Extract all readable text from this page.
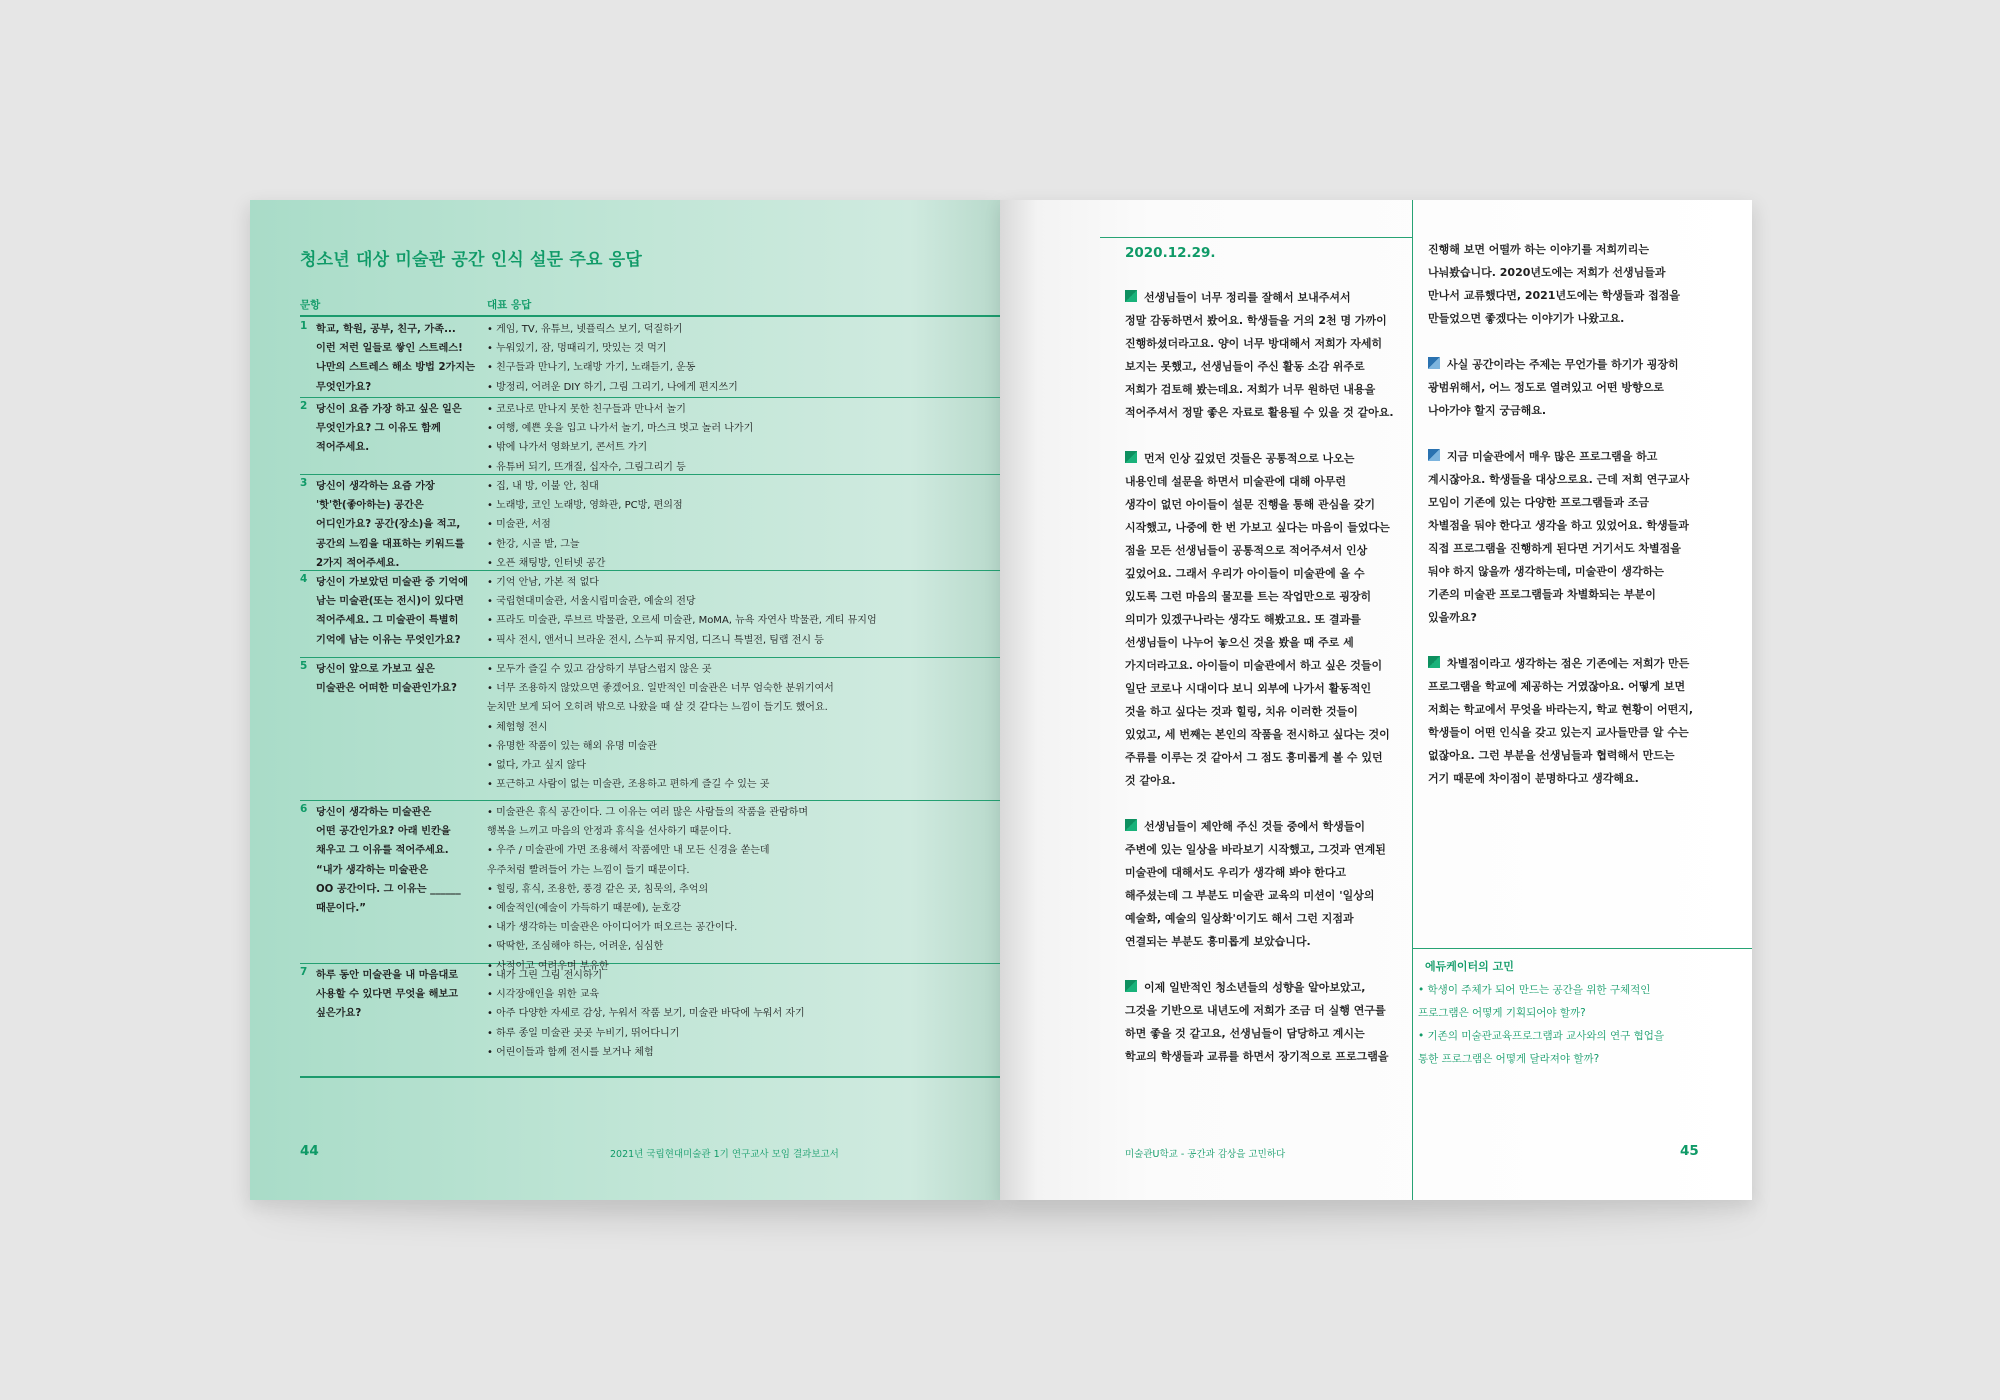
청소년 대상 미술관 공간 인식 설문 주요 응답
문항	대표 응답
1 학교, 학원, 공부, 친구, 가족...
이런 저런 일들로 쌓인 스트레스!
나만의 스트레스 해소 방법 2가지는
무엇인가요?
• 게임, TV, 유튜브, 넷플릭스 보기, 덕질하기
• 누워있기, 잠, 멍때리기, 맛있는 것 먹기
• 친구들과 만나기, 노래방 가기, 노래듣기, 운동
• 방정리, 어려운 DIY 하기, 그림 그리기, 나에게 편지쓰기
2 당신이 요즘 가장 하고 싶은 일은
무엇인가요? 그 이유도 함께
적어주세요.
• 코로나로 만나지 못한 친구들과 만나서 놀기
• 여행, 예쁜 옷을 입고 나가서 놀기, 마스크 벗고 놀러 나가기
• 밖에 나가서 영화보기, 콘서트 가기
• 유튜버 되기, 뜨개질, 십자수, 그림그리기 등
3 당신이 생각하는 요즘 가장
'핫'한(좋아하는) 공간은
어디인가요? 공간(장소)을 적고,
공간의 느낌을 대표하는 키워드를
2가지 적어주세요.
• 집, 내 방, 이불 안, 침대
• 노래방, 코인 노래방, 영화관, PC방, 편의점
• 미술관, 서점
• 한강, 시골 밭, 그늘
• 오픈 채팅방, 인터넷 공간
4 당신이 가보았던 미술관 중 기억에
남는 미술관(또는 전시)이 있다면
적어주세요. 그 미술관이 특별히
기억에 남는 이유는 무엇인가요?
• 기억 안남, 가본 적 없다
• 국립현대미술관, 서울시립미술관, 예술의 전당
• 프라도 미술관, 루브르 박물관, 오르세 미술관, MoMA, 뉴욕 자연사 박물관, 게티 뮤지엄
• 픽사 전시, 앤서니 브라운 전시, 스누피 뮤지엄, 디즈니 특별전, 팀랩 전시 등
5 당신이 앞으로 가보고 싶은
미술관은 어떠한 미술관인가요?
• 모두가 즐길 수 있고 감상하기 부담스럽지 않은 곳
• 너무 조용하지 않았으면 좋겠어요. 일반적인 미술관은 너무 엄숙한 분위기여서
눈치만 보게 되어 오히려 밖으로 나왔을 때 살 것 같다는 느낌이 들기도 했어요.
• 체험형 전시
• 유명한 작품이 있는 해외 유명 미술관
• 없다, 가고 싶지 않다
• 포근하고 사람이 없는 미술관, 조용하고 편하게 즐길 수 있는 곳
6 당신이 생각하는 미술관은
어떤 공간인가요? 아래 빈칸을
채우고 그 이유를 적어주세요.
“내가 생각하는 미술관은
OO 공간이다. 그 이유는 ______
때문이다.”
• 미술관은 휴식 공간이다. 그 이유는 여러 많은 사람들의 작품을 관람하며
행복을 느끼고 마음의 안정과 휴식을 선사하기 때문이다.
• 우주 / 미술관에 가면 조용해서 작품에만 내 모든 신경을 쏟는데
우주처럼 빨려들어 가는 느낌이 들기 때문이다.
• 힐링, 휴식, 조용한, 풍경 같은 곳, 침묵의, 추억의
• 예술적인(예술이 가득하기 때문에), 눈호강
• 내가 생각하는 미술관은 아이디어가 떠오르는 공간이다.
• 딱딱한, 조심해야 하는, 어려운, 심심한
• 사적이고 여려우며 부유한
7 하루 동안 미술관을 내 마음대로
사용할 수 있다면 무엇을 해보고
싶은가요?
• 내가 그린 그림 전시하기
• 시각장애인을 위한 교육
• 아주 다양한 자세로 감상, 누워서 작품 보기, 미술관 바닥에 누워서 자기
• 하루 종일 미술관 곳곳 누비기, 뛰어다니기
• 어린이들과 함께 전시를 보거나 체험
44	2021년 국립현대미술관 1기 연구교사 모임 결과보고서
2020.12.29.
선생님들이 너무 정리를 잘해서 보내주셔서
정말 감동하면서 봤어요. 학생들을 거의 2천 명 가까이
진행하셨더라고요. 양이 너무 방대해서 저희가 자세히
보지는 못했고, 선생님들이 주신 활동 소감 위주로
저희가 검토해 봤는데요. 저희가 너무 원하던 내용을
적어주셔서 정말 좋은 자료로 활용될 수 있을 것 같아요.
먼저 인상 깊었던 것들은 공통적으로 나오는
내용인데 설문을 하면서 미술관에 대해 아무런
생각이 없던 아이들이 설문 진행을 통해 관심을 갖기
시작했고, 나중에 한 번 가보고 싶다는 마음이 들었다는
점을 모든 선생님들이 공통적으로 적어주셔서 인상
깊었어요. 그래서 우리가 아이들이 미술관에 올 수
있도록 그런 마음의 물꼬를 트는 작업만으로 굉장히
의미가 있겠구나라는 생각도 해봤고요. 또 결과를
선생님들이 나누어 놓으신 것을 봤을 때 주로 세
가지더라고요. 아이들이 미술관에서 하고 싶은 것들이
일단 코로나 시대이다 보니 외부에 나가서 활동적인
것을 하고 싶다는 것과 힐링, 치유 이러한 것들이
있었고, 세 번째는 본인의 작품을 전시하고 싶다는 것이
주류를 이루는 것 같아서 그 점도 흥미롭게 볼 수 있던
것 같아요.
선생님들이 제안해 주신 것들 중에서 학생들이
주변에 있는 일상을 바라보기 시작했고, 그것과 연계된
미술관에 대해서도 우리가 생각해 봐야 한다고
해주셨는데 그 부분도 미술관 교육의 미션이 '일상의
예술화, 예술의 일상화'이기도 해서 그런 지점과
연결되는 부분도 흥미롭게 보았습니다.
이제 일반적인 청소년들의 성향을 알아보았고,
그것을 기반으로 내년도에 저희가 조금 더 실행 연구를
하면 좋을 것 같고요, 선생님들이 담당하고 계시는
학교의 학생들과 교류를 하면서 장기적으로 프로그램을
진행해 보면 어떨까 하는 이야기를 저희끼리는
나눠봤습니다. 2020년도에는 저희가 선생님들과
만나서 교류했다면, 2021년도에는 학생들과 접점을
만들었으면 좋겠다는 이야기가 나왔고요.
사실 공간이라는 주제는 무언가를 하기가 굉장히
광범위해서, 어느 정도로 열려있고 어떤 방향으로
나아가야 할지 궁금해요.
지금 미술관에서 매우 많은 프로그램을 하고
계시잖아요. 학생들을 대상으로요. 근데 저희 연구교사
모임이 기존에 있는 다양한 프로그램들과 조금
차별점을 둬야 한다고 생각을 하고 있었어요. 학생들과
직접 프로그램을 진행하게 된다면 거기서도 차별점을
둬야 하지 않을까 생각하는데, 미술관이 생각하는
기존의 미술관 프로그램들과 차별화되는 부분이
있을까요?
차별점이라고 생각하는 점은 기존에는 저희가 만든
프로그램을 학교에 제공하는 거였잖아요. 어떻게 보면
저희는 학교에서 무엇을 바라는지, 학교 현황이 어떤지,
학생들이 어떤 인식을 갖고 있는지 교사들만큼 알 수는
없잖아요. 그런 부분을 선생님들과 협력해서 만드는
거기 때문에 차이점이 분명하다고 생각해요.
에듀케이터의 고민
• 학생이 주체가 되어 만드는 공간을 위한 구체적인
프로그램은 어떻게 기획되어야 할까?
• 기존의 미술관교육프로그램과 교사와의 연구 협업을
통한 프로그램은 어떻게 달라져야 할까?
미술관U학교 - 공간과 감상을 고민하다	45
